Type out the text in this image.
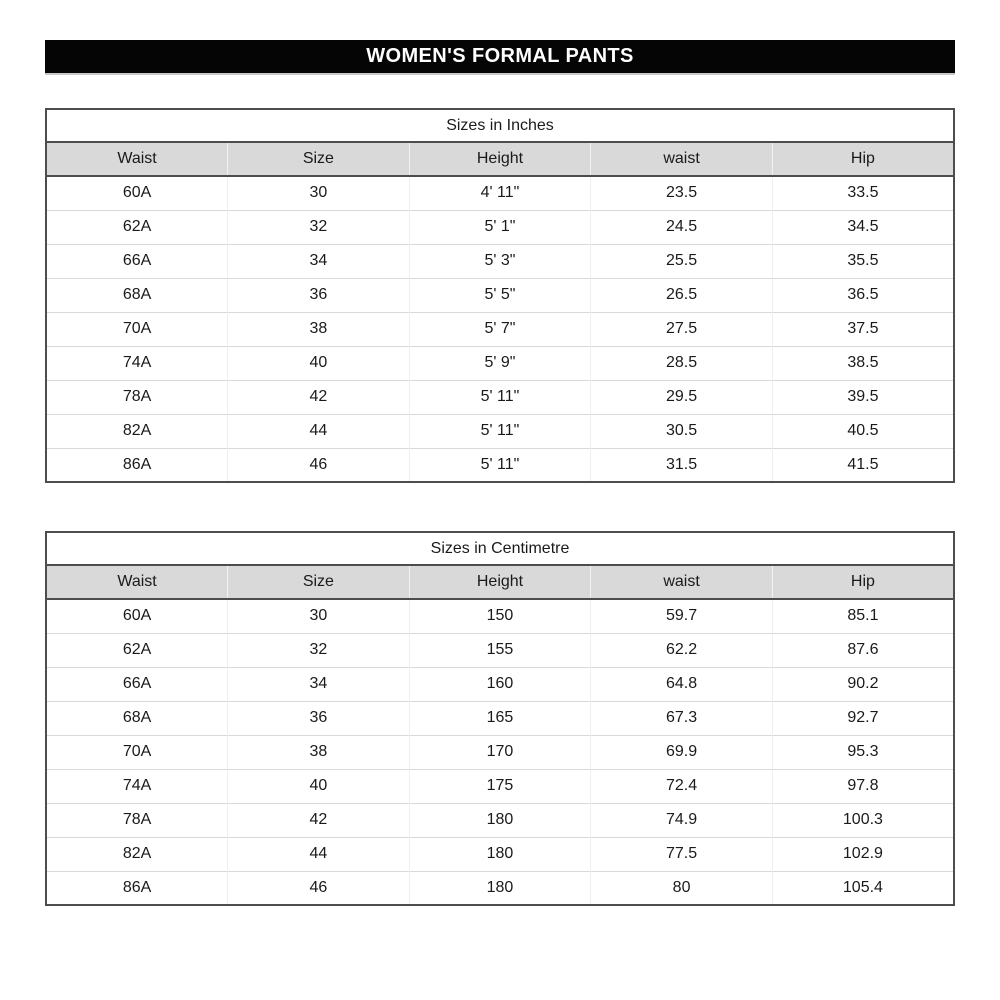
WOMEN'S FORMAL PANTS
Sizes in Inches
Waist	Size	Height	waist	Hip
60A	30	4' 11"	23.5	33.5
62A	32	5' 1"	24.5	34.5
66A	34	5' 3"	25.5	35.5
68A	36	5' 5"	26.5	36.5
70A	38	5' 7"	27.5	37.5
74A	40	5' 9"	28.5	38.5
78A	42	5' 11"	29.5	39.5
82A	44	5' 11"	30.5	40.5
86A	46	5' 11"	31.5	41.5
Sizes in Centimetre
Waist	Size	Height	waist	Hip
60A	30	150	59.7	85.1
62A	32	155	62.2	87.6
66A	34	160	64.8	90.2
68A	36	165	67.3	92.7
70A	38	170	69.9	95.3
74A	40	175	72.4	97.8
78A	42	180	74.9	100.3
82A	44	180	77.5	102.9
86A	46	180	80	105.4
